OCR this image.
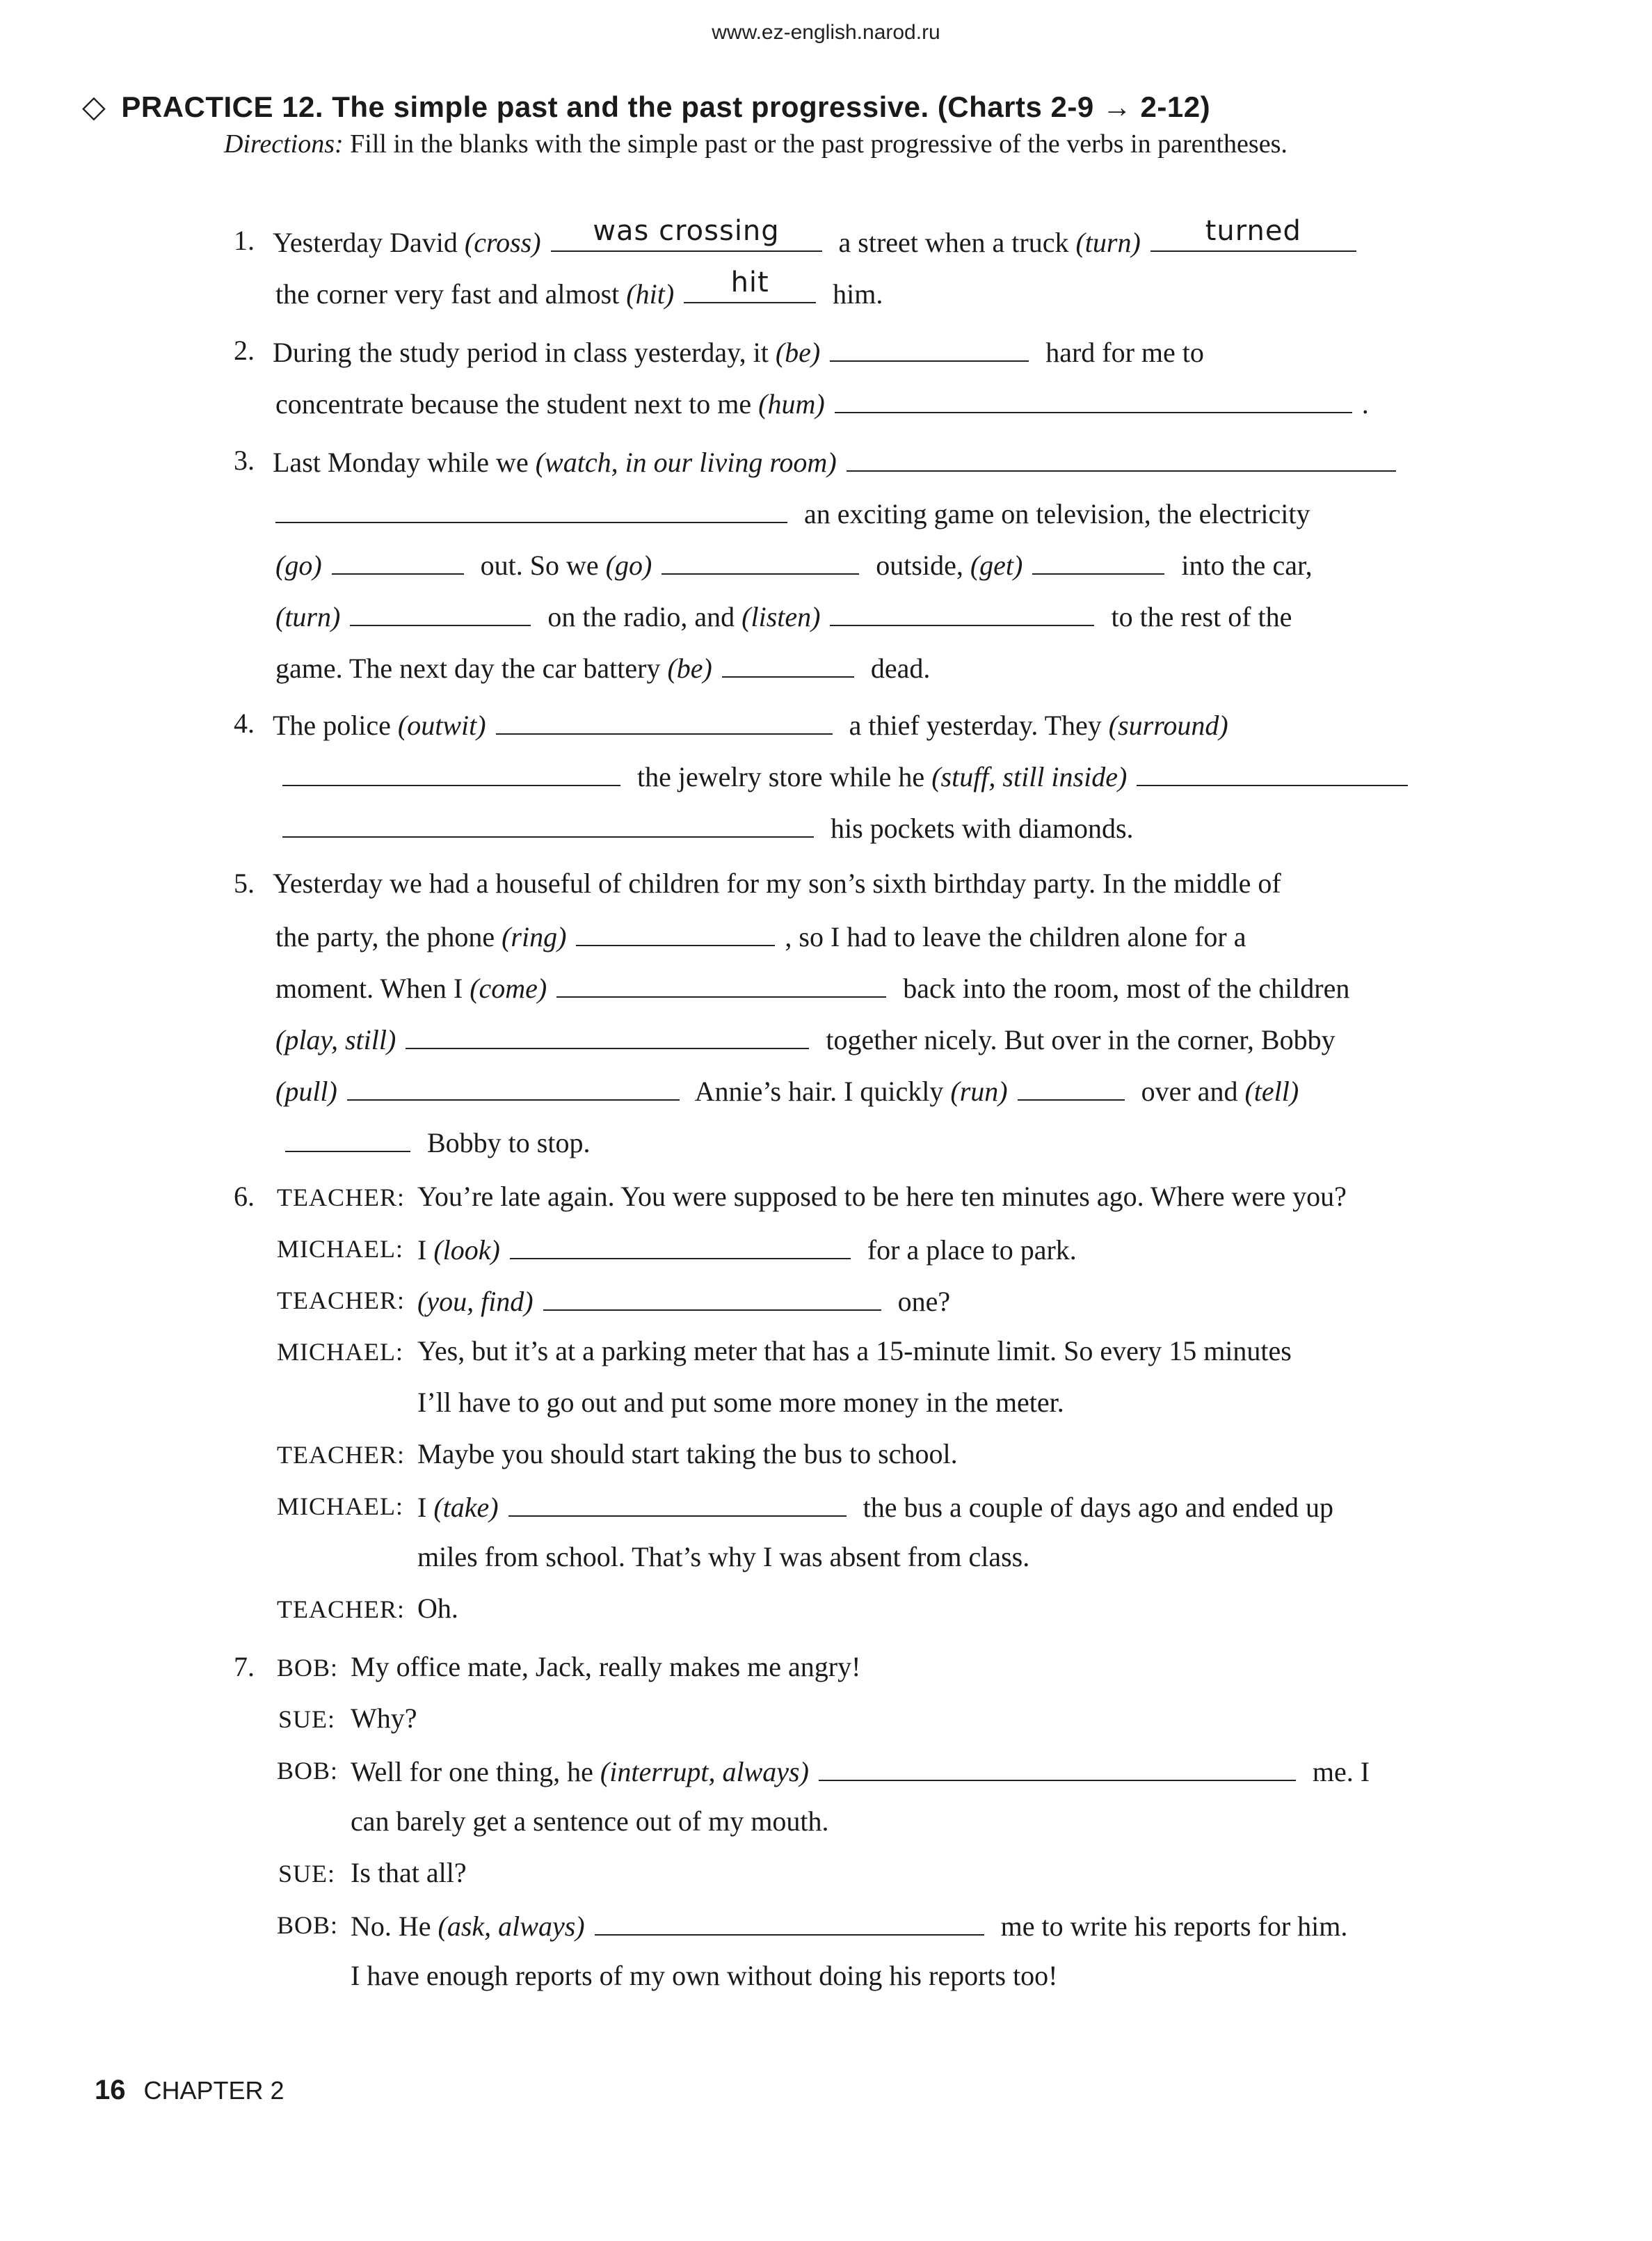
www.ez-english.narod.ru
◇ PRACTICE 12. The simple past and the past progressive. (Charts 2-9 → 2-12)
Directions: Fill in the blanks with the simple past or the past progressive of the verbs in parentheses.
1. Yesterday David (cross)	was crossing	a street when a truck (turn)	turned
the corner very fast and almost (hit)	hit	him.
2. During the study period in class yesterday, it (be)	hard for me to
concentrate because the student next to me (hum)	.
3. Last Monday while we (watch, in our living room)
an exciting game on television, the electricity
(go)	out. So we (go)	outside, (get)	into the car,
(turn)	on the radio, and (listen)	to the rest of the
game. The next day the car battery (be)	dead.
4. The police (outwit)	a thief yesterday. They (surround)
the jewelry store while he (stuff, still inside)
his pockets with diamonds.
5. Yesterday we had a houseful of children for my son’s sixth birthday party. In the middle of
the party, the phone (ring)	, so I had to leave the children alone for a
moment. When I (come)	back into the room, most of the children
(play, still)	together nicely. But over in the corner, Bobby
(pull)	Annie’s hair. I quickly (run)	over and (tell)
Bobby to stop.
6. TEACHER: You’re late again. You were supposed to be here ten minutes ago. Where were you?
MICHAEL: I (look)	for a place to park.
TEACHER: (you, find)	one?
MICHAEL: Yes, but it’s at a parking meter that has a 15-minute limit. So every 15 minutes
I’ll have to go out and put some more money in the meter.
TEACHER: Maybe you should start taking the bus to school.
MICHAEL: I (take)	the bus a couple of days ago and ended up
miles from school. That’s why I was absent from class.
TEACHER: Oh.
7. BOB: My office mate, Jack, really makes me angry!
SUE: Why?
BOB: Well for one thing, he (interrupt, always)	me. I
can barely get a sentence out of my mouth.
SUE: Is that all?
BOB: No. He (ask, always)	me to write his reports for him.
I have enough reports of my own without doing his reports too!
16 CHAPTER 2
